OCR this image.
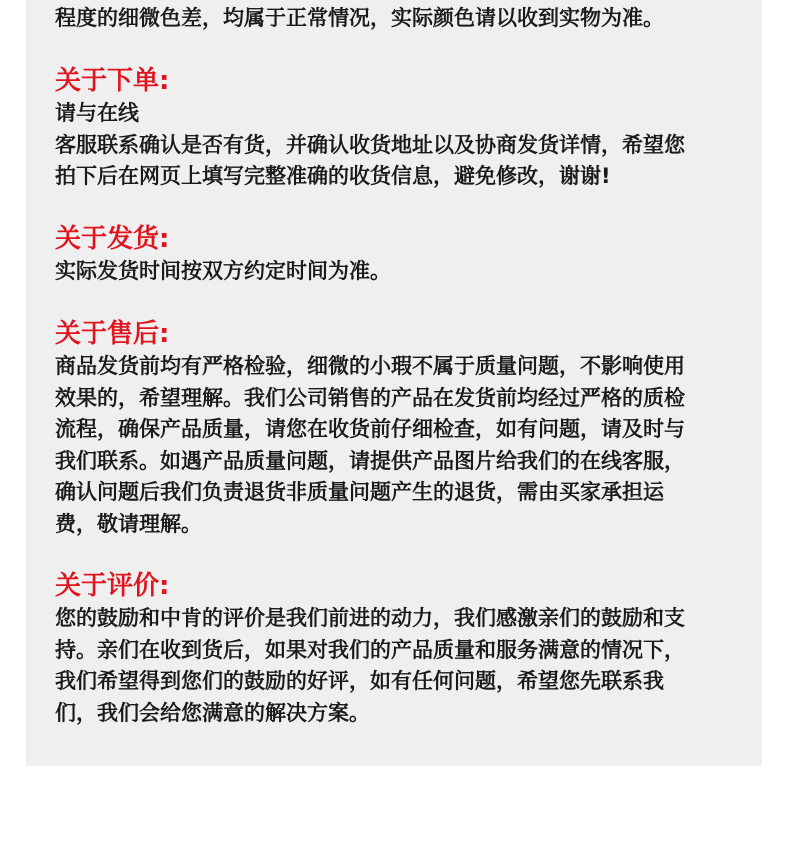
程度的细微色差，均属于正常情况，实际颜色请以收到实物为准。
关于下单:
请与在线
客服联系确认是否有货，并确认收货地址以及协商发货详情，希望您
拍下后在网页上填写完整准确的收货信息，避免修改，谢谢!
关于发货:
实际发货时间按双方约定时间为准。
关于售后:
商品发货前均有严格检验，细微的小瑕不属于质量问题，不影响使用
效果的，希望理解。我们公司销售的产品在发货前均经过严格的质检
流程，确保产品质量，请您在收货前仔细检查，如有问题，请及时与
我们联系。如遇产品质量问题，请提供产品图片给我们的在线客服，
确认问题后我们负责退货非质量问题产生的退货，需由买家承担运
费，敬请理解。
关于评价:
您的鼓励和中肯的评价是我们前进的动力，我们感激亲们的鼓励和支
持。亲们在收到货后，如果对我们的产品质量和服务满意的情况下，
我们希望得到您们的鼓励的好评，如有任何问题，希望您先联系我
们，我们会给您满意的解决方案。
